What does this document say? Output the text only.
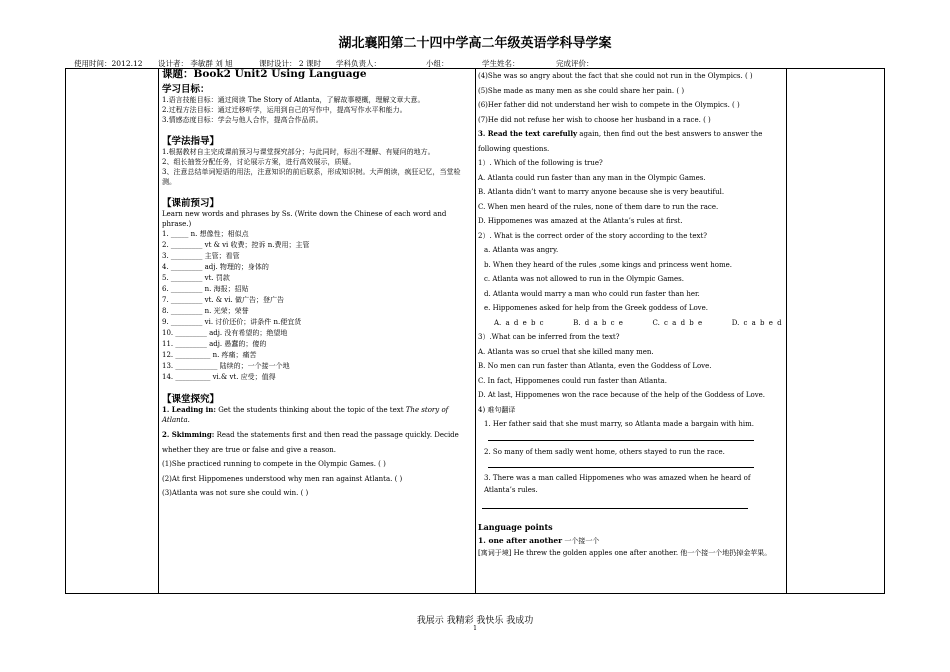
湖北襄阳第二十四中学高二年级英语学科导学案
使用时间：2012.12 设计者： 李敏群 刘 旭	课时设计： 2 课时 学科负责人：	小组：	学生姓名：	完成评价：

课题：Book2 Unit2 Using Language

学习目标：

1.语言技能目标：通过阅读 The Story of Atlanta，了解故事梗概，理解文章大意。

2.过程方法目标：通过迁移听学，运用到自己的写作中，提高写作水平和能力。

3.情感态度目标：学会与他人合作，提高合作品质。

【学法指导】

1.根据教材自主完成课前预习与课堂探究部分；与此同时，标出不理解、有疑问的地方。

2、组长抽签分配任务，讨论展示方案，进行高效展示，质疑。

3、注意总结单词短语的用法，注意知识的前后联系，形成知识树。大声朗读，疯狂记忆，当堂检测。

【课前预习】

Learn new words and phrases by Ss. (Write down the Chinese of each word and phrase.)

1. _____ n. 想像性；相似点

2. _________ vt & vi 收费；控诉 n.费用；主管

3. _________ 主管；看管

4. _________ adj. 物理的；身体的

5. _________ vt. 罚款

6. _________ n. 海报；招贴

7. _________ vt. & vi. 做广告；登广告

8. _________ n. 光荣；荣誉

9. _________ vi. 讨价还价；讲条件 n.便宜货

10. _________ adj. 没有希望的；绝望地

11. _________ adj. 愚蠢的；傻的

12. __________ n. 疼痛；痛苦

13. ____________ 陆续的；一个接一个地

14. __________ vi.& vt. 应受；值得

【课堂探究】

1. Leading in: Get the students thinking about the topic of the text The story of Atlanta.

2. Skimming: Read the statements first and then read the passage quickly. Decide whether they are true or false and give a reason.

(1)She practiced running to compete in the Olympic Games. ( )

(2)At first Hippomenes understood why men ran against Atlanta. ( )

(3)Atlanta was not sure she could win. ( )

(4)She was so angry about the fact that she could not run in the Olympics. ( )

(5)She made as many men as she could share her pain. ( )

(6)Her father did not understand her wish to compete in the Olympics. ( )

(7)He did not refuse her wish to choose her husband in a race. ( )

3. Read the text carefully again, then find out the best answers to answer the following questions.

1）. Which of the following is true?

A. Atlanta could run faster than any man in the Olympic Games.

B. Atlanta didn’t want to marry anyone because she is very beautiful.

C. When men heard of the rules, none of them dare to run the race.

D. Hippomenes was amazed at the Atlanta’s rules at first.

2）. What is the correct order of the story according to the text?

a. Atlanta was angry.

b. When they heard of the rules ,some kings and princess went home.

c. Atlanta was not allowed to run in the Olympic Games.

d. Atlanta would marry a man who could run faster than her.

e. Hippomenes asked for help from the Greek goddess of Love.

A. a d e b c	B. d a b c e	C. c a d b e	D. c a b e d

3）.What can be inferred from the text?

A. Atlanta was so cruel that she killed many men.

B. No men can run faster than Atlanta, even the Goddess of Love.

C. In fact, Hippomenes could run faster than Atlanta.

D. At last, Hippomenes won the race because of the help of the Goddess of Love.

4) 难句翻译

1. Her father said that she must marry, so Atlanta made a bargain with him.

2. So many of them sadly went home, others stayed to run the race.

3. There was a man called Hippomenes who was amazed when he heard of Atlanta’s rules.

Language points

1. one after another 一个接一个

[寓词于境] He threw the golden apples one after another. 他一个接一个地扔掉金苹果。

我展示 我精彩 我快乐 我成功
1
